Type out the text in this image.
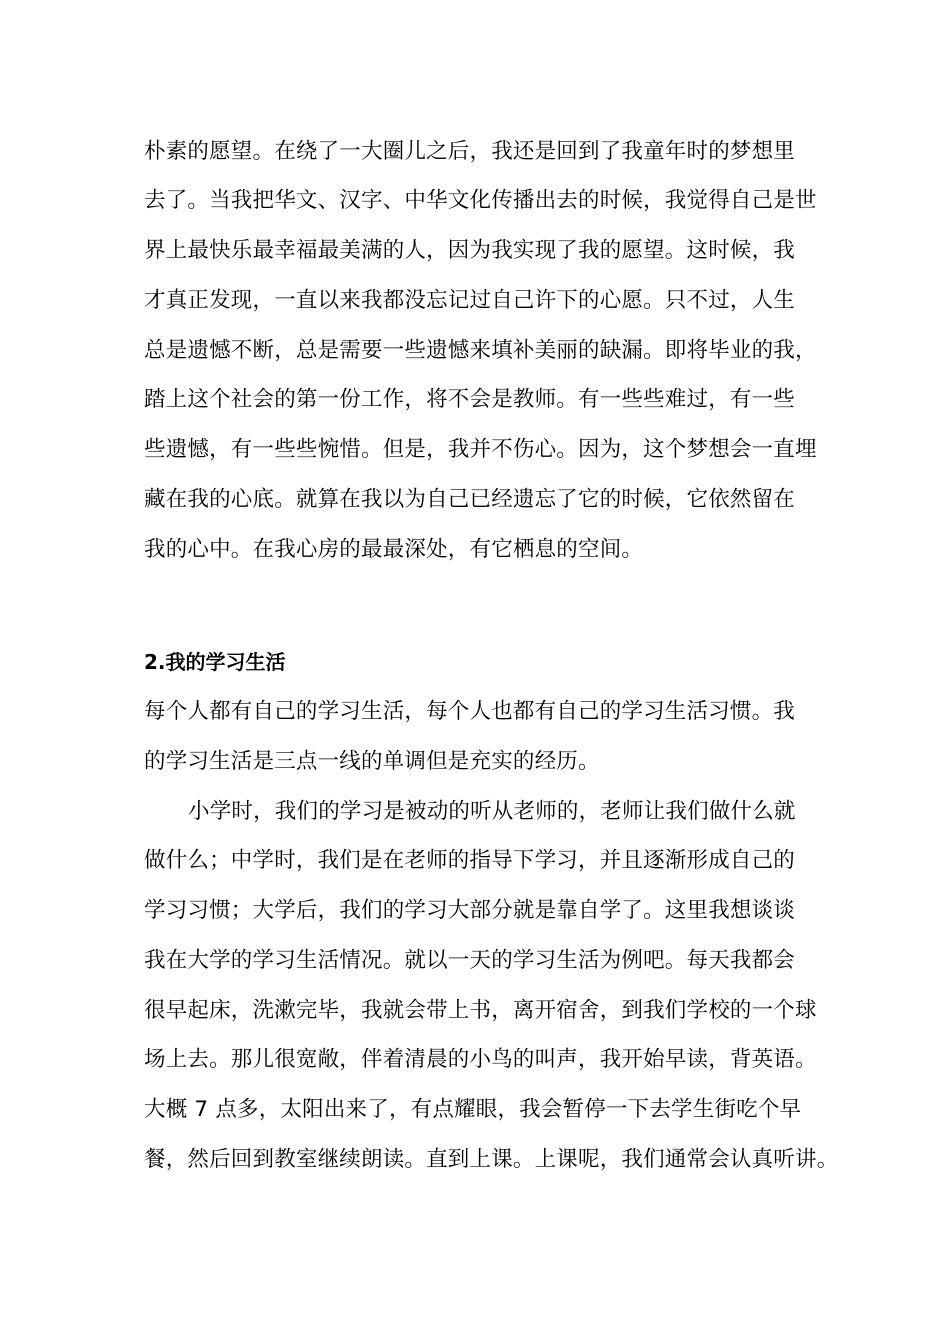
朴素的愿望。在绕了一大圈儿之后，我还是回到了我童年时的梦想里
去了。当我把华文、汉字、中华文化传播出去的时候，我觉得自己是世
界上最快乐最幸福最美满的人，因为我实现了我的愿望。这时候，我
才真正发现，一直以来我都没忘记过自己许下的心愿。只不过，人生
总是遗憾不断，总是需要一些遗憾来填补美丽的缺漏。即将毕业的我，
踏上这个社会的第一份工作，将不会是教师。有一些些难过，有一些
些遗憾，有一些些惋惜。但是，我并不伤心。因为，这个梦想会一直埋
藏在我的心底。就算在我以为自己已经遗忘了它的时候，它依然留在
我的心中。在我心房的最最深处，有它栖息的空间。
2.我的学习生活
每个人都有自己的学习生活，每个人也都有自己的学习生活习惯。我
的学习生活是三点一线的单调但是充实的经历。
小学时，我们的学习是被动的听从老师的，老师让我们做什么就
做什么；中学时，我们是在老师的指导下学习，并且逐渐形成自己的
学习习惯；大学后，我们的学习大部分就是靠自学了。这里我想谈谈
我在大学的学习生活情况。就以一天的学习生活为例吧。每天我都会
很早起床，洗漱完毕，我就会带上书，离开宿舍，到我们学校的一个球
场上去。那儿很宽敞，伴着清晨的小鸟的叫声，我开始早读，背英语。
大概 7 点多，太阳出来了，有点耀眼，我会暂停一下去学生街吃个早
餐，然后回到教室继续朗读。直到上课。上课呢，我们通常会认真听讲。
